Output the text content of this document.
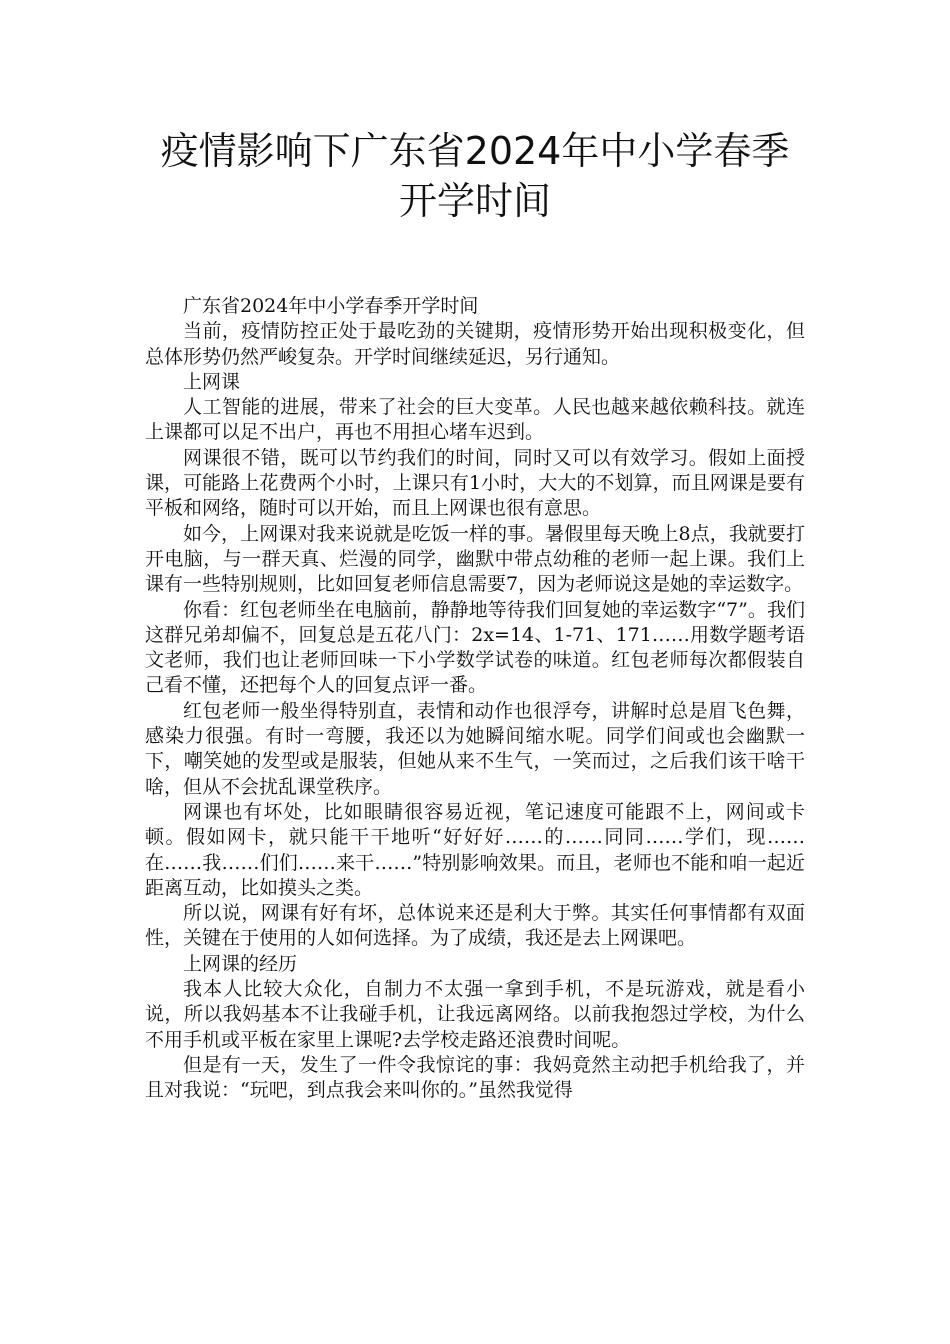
疫情影响下广东省2024年中小学春季
开学时间

广东省2024年中小学春季开学时间

当前，疫情防控正处于最吃劲的关键期，疫情形势开始出现积极变化，但总体形势仍然严峻复杂。开学时间继续延迟，另行通知。

上网课

人工智能的进展，带来了社会的巨大变革。人民也越来越依赖科技。就连上课都可以足不出户，再也不用担心堵车迟到。

网课很不错，既可以节约我们的时间，同时又可以有效学习。假如上面授课，可能路上花费两个小时，上课只有1小时，大大的不划算，而且网课是要有平板和网络，随时可以开始，而且上网课也很有意思。

如今，上网课对我来说就是吃饭一样的事。暑假里每天晚上8点，我就要打开电脑，与一群天真、烂漫的同学，幽默中带点幼稚的老师一起上课。我们上课有一些特别规则，比如回复老师信息需要7，因为老师说这是她的幸运数字。

你看：红包老师坐在电脑前，静静地等待我们回复她的幸运数字“7”。我们这群兄弟却偏不，回复总是五花八门：2x=14、1-71、171……用数学题考语文老师，我们也让老师回味一下小学数学试卷的味道。红包老师每次都假装自己看不懂，还把每个人的回复点评一番。

红包老师一般坐得特别直，表情和动作也很浮夸，讲解时总是眉飞色舞，感染力很强。有时一弯腰，我还以为她瞬间缩水呢。同学们间或也会幽默一下，嘲笑她的发型或是服装，但她从来不生气，一笑而过，之后我们该干啥干啥，但从不会扰乱课堂秩序。

网课也有坏处，比如眼睛很容易近视，笔记速度可能跟不上，网间或卡顿。假如网卡，就只能干干地听“好好好……的……同同……学们，现……在……我……们们……来干……”特别影响效果。而且，老师也不能和咱一起近距离互动，比如摸头之类。

所以说，网课有好有坏，总体说来还是利大于弊。其实任何事情都有双面性，关键在于使用的人如何选择。为了成绩，我还是去上网课吧。

上网课的经历

我本人比较大众化，自制力不太强一拿到手机，不是玩游戏，就是看小说，所以我妈基本不让我碰手机，让我远离网络。以前我抱怨过学校，为什么不用手机或平板在家里上课呢?去学校走路还浪费时间呢。

但是有一天，发生了一件令我惊诧的事：我妈竟然主动把手机给我了，并且对我说：“玩吧，到点我会来叫你的。”虽然我觉得
